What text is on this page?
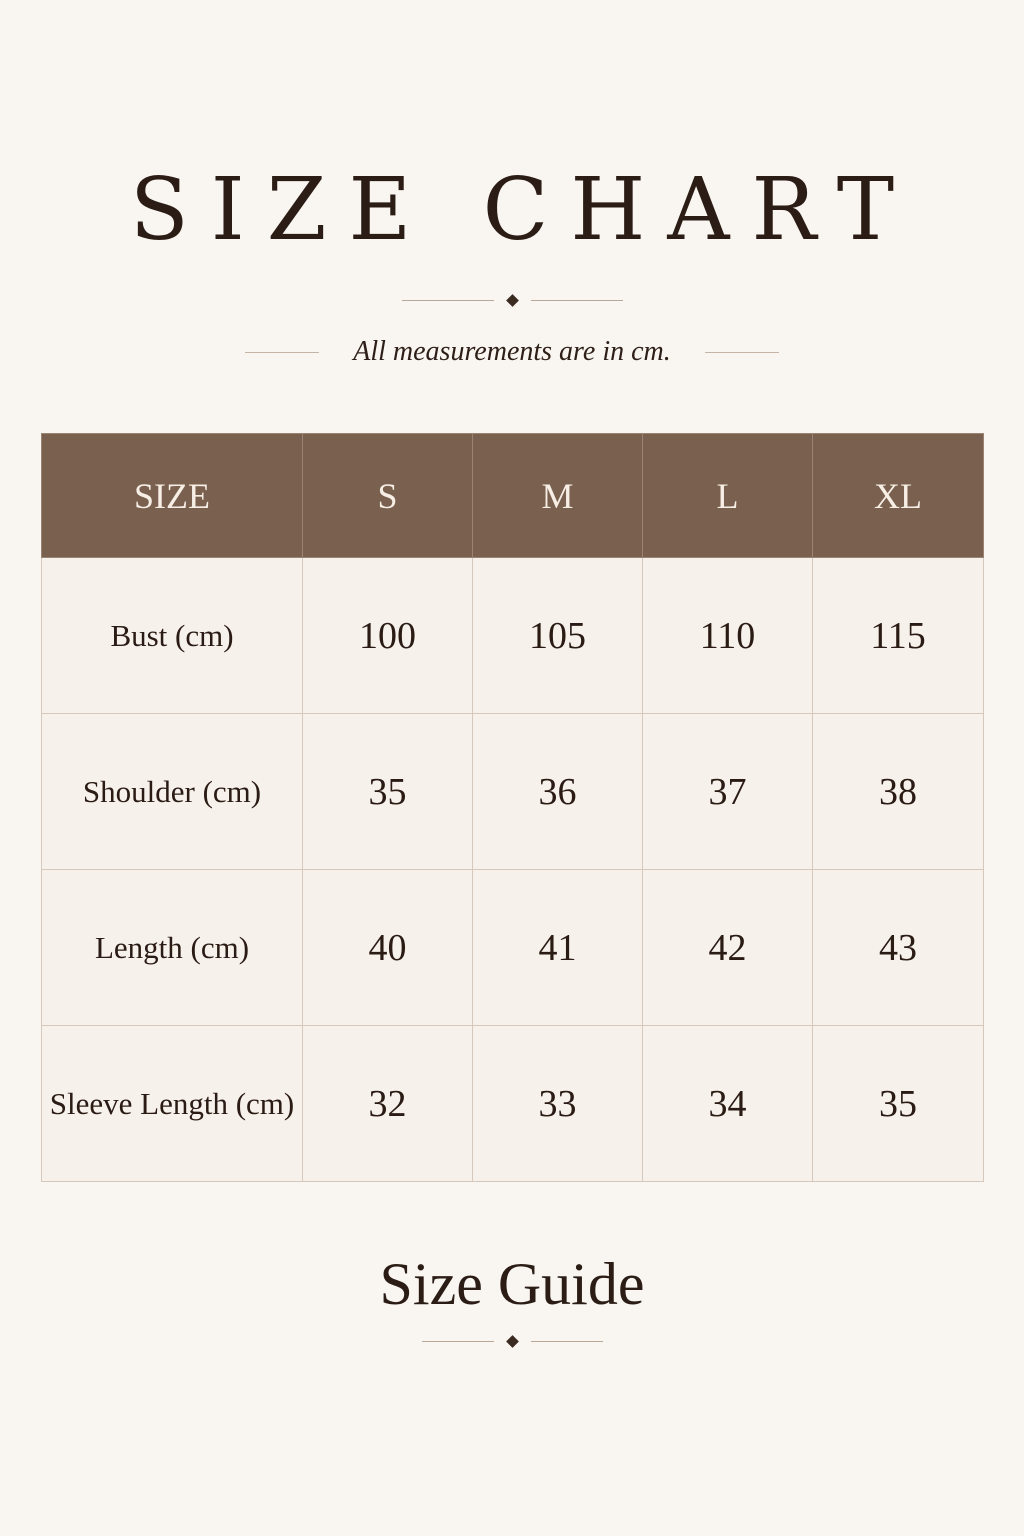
SIZE CHART
All measurements are in cm.
SIZE	S	M	L	XL
Bust (cm)	100	105	110	115
Shoulder (cm)	35	36	37	38
Length (cm)	40	41	42	43
Sleeve Length (cm)	32	33	34	35
Size Guide
